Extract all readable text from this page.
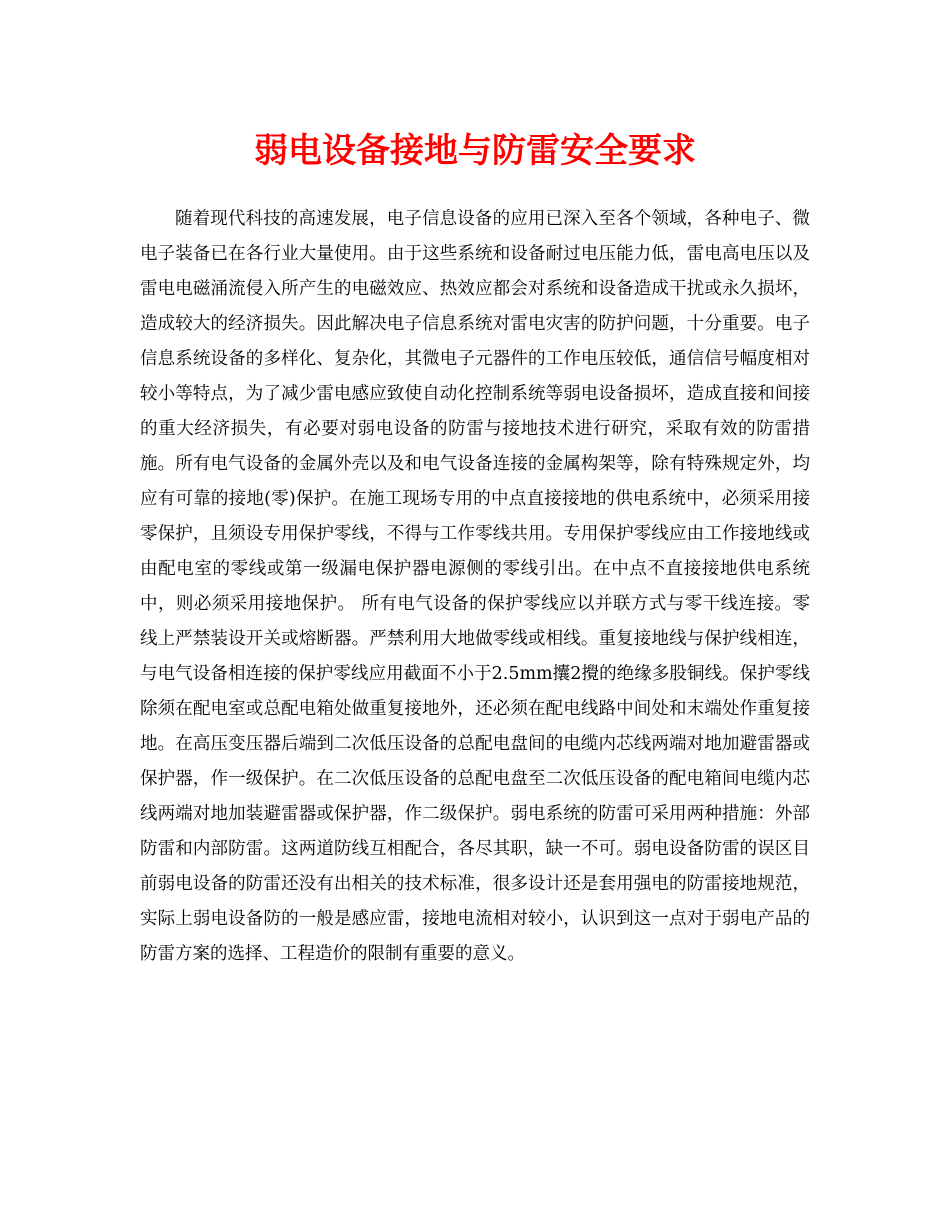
弱电设备接地与防雷安全要求

随着现代科技的高速发展，电子信息设备的应用已深入至各个领域，各种电子、微电子装备已在各行业大量使用。由于这些系统和设备耐过电压能力低，雷电高电压以及雷电电磁涌流侵入所产生的电磁效应、热效应都会对系统和设备造成干扰或永久损坏，造成较大的经济损失。因此解决电子信息系统对雷电灾害的防护问题，十分重要。电子信息系统设备的多样化、复杂化，其微电子元器件的工作电压较低，通信信号幅度相对较小等特点，为了减少雷电感应致使自动化控制系统等弱电设备损坏，造成直接和间接的重大经济损失，有必要对弱电设备的防雷与接地技术进行研究，采取有效的防雷措施。所有电气设备的金属外壳以及和电气设备连接的金属构架等，除有特殊规定外，均应有可靠的接地(零)保护。在施工现场专用的中点直接接地的供电系统中，必须采用接零保护，且须设专用保护零线，不得与工作零线共用。专用保护零线应由工作接地线或由配电室的零线或第一级漏电保护器电源侧的零线引出。在中点不直接接地供电系统中，则必须采用接地保护。 所有电气设备的保护零线应以并联方式与零干线连接。零线上严禁装设开关或熔断器。严禁利用大地做零线或相线。重复接地线与保护线相连，与电气设备相连接的保护零线应用截面不小于2.5mm攮2攪的绝缘多股铜线。保护零线除须在配电室或总配电箱处做重复接地外，还必须在配电线路中间处和末端处作重复接地。在高压变压器后端到二次低压设备的总配电盘间的电缆内芯线两端对地加避雷器或保护器，作一级保护。在二次低压设备的总配电盘至二次低压设备的配电箱间电缆内芯线两端对地加装避雷器或保护器，作二级保护。弱电系统的防雷可采用两种措施：外部防雷和内部防雷。这两道防线互相配合，各尽其职，缺一不可。弱电设备防雷的误区目前弱电设备的防雷还没有出相关的技术标准，很多设计还是套用强电的防雷接地规范，实际上弱电设备防的一般是感应雷，接地电流相对较小，认识到这一点对于弱电产品的防雷方案的选择、工程造价的限制有重要的意义。
